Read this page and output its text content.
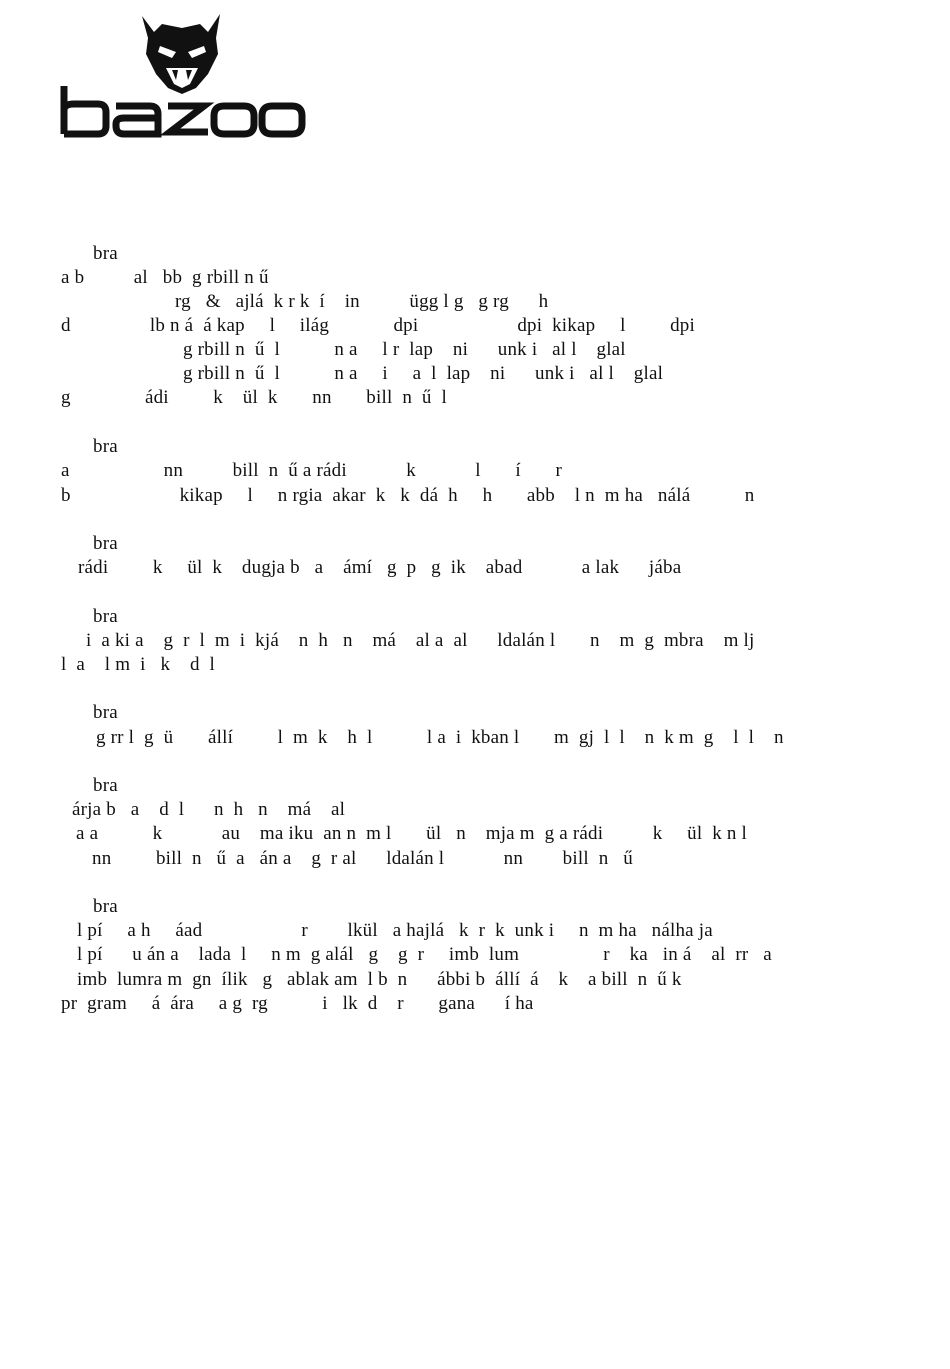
bra
a b          al   bb  g rbill n ű
rg   &   ajlá  k r k  í    in          ügg l g   g rg      h
d                lb n á  á kap     l     ilág             dpi                    dpi  kikap     l         dpi
g rbill n  ű  l           n a     l r  lap    ni      unk i   al l    glal
g rbill n  ű  l           n a     i     a  l  lap    ni      unk i   al l    glal
g               ádi         k    ül  k       nn       bill  n  ű  l
bra
a                   nn          bill  n  ű a rádi            k            l       í       r
b                      kikap     l     n rgia  akar  k   k  dá  h     h       abb    l n  m ha   nálá           n
bra
rádi         k     ül  k    dugja b   a    ámí   g  p   g  ik    abad            a lak      jába
bra
i  a ki a    g  r  l  m  i  kjá    n  h   n    má    al a  al      ldalán l       n    m  g  mbra    m lj
l  a    l m  i   k    d  l
bra
g rr l  g  ü       állí         l  m  k    h  l           l a  i  kban l       m  gj  l  l    n  k m  g    l  l    n
bra
árja b   a    d  l      n  h   n    má    al
a a           k            au    ma iku  an n  m l       ül   n    mja m  g a rádi          k     ül  k n l
nn         bill  n   ű  a   án a    g  r al      ldalán l            nn        bill  n   ű
bra
l pí     a h     áad                    r        lkül   a hajlá   k  r  k  unk i     n  m ha   nálha ja
l pí      u án a    lada  l     n m  g alál   g    g  r     imb  lum                 r    ka   in á    al  rr   a
imb  lumra m  gn  ílik   g   ablak am  l b  n      ábbi b  állí  á    k    a bill  n  ű k
pr  gram     á  ára     a g  rg           i   lk  d    r       gana      í ha
